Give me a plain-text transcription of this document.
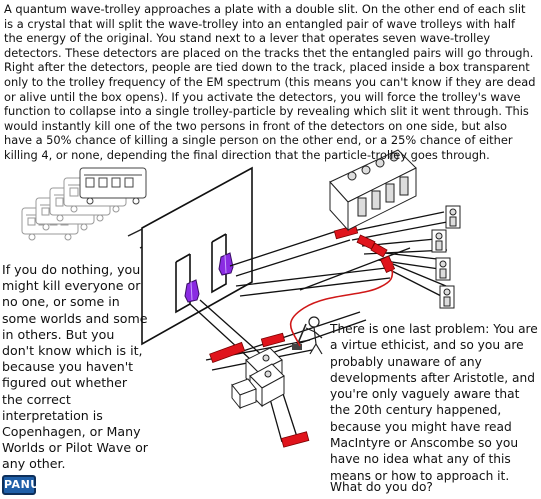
A quantum wave-trolley approaches a plate with a double slit. On the other end of each slit is a crystal that will split the wave-trolley into an entangled pair of wave trolleys with half the energy of the original. You stand next to a lever that operates seven wave-trolley detectors. These detectors are placed on the tracks thet the entangled pairs will go through. Right after the detectors, people are tied down to the track, placed inside a box transparent only to the trolley frequency of the EM spectrum (this means you can't know if they are dead or alive until the box opens). If you activate the detectors, you will force the trolley's wave function to collapse into a single trolley-particle by revealing which slit it went through. This would instantly kill one of the two persons in front of the detectors on one side, but also have a 50% chance of killing a single person on the other end, or a 25% chance of either killing 4, or none, depending the final direction that the particle-trolley goes through.

If you do nothing, you might kill everyone or no one, or some in some worlds and some in others. But you don't know which is it, because you haven't figured out whether the correct interpretation is Copenhagen, or Many Worlds or Pilot Wave or any other.

There is one last problem: You are a virtue ethicist, and so you are probably unaware of any developments after Aristotle, and you're only vaguely aware that the 20th century happened, because you might have read MacIntyre or Anscombe so you have no idea what any of this means or how to approach it.

What do you do?

PANU
